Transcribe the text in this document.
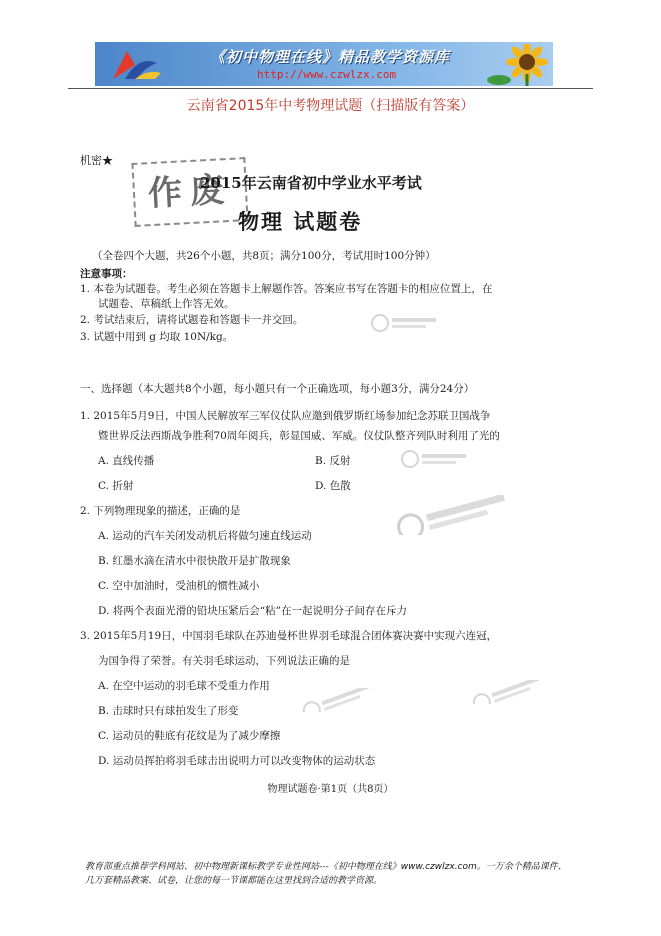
《初中物理在线》精品教学资源库
http://www.czwlzx.com
云南省2015年中考物理试题（扫描版有答案）
机密★
作废
2015年云南省初中学业水平考试
物理 试题卷
（全卷四个大题，共26个小题，共8页；满分100分，考试用时100分钟）
注意事项：
1. 本卷为试题卷。考生必须在答题卡上解题作答。答案应书写在答题卡的相应位置上，在
试题卷、草稿纸上作答无效。
2. 考试结束后，请将试题卷和答题卡一并交回。
3. 试题中用到 g 均取 10N/kg。
一、选择题（本大题共8个小题，每小题只有一个正确选项，每小题3分，满分24分）
1. 2015年5月9日，中国人民解放军三军仪仗队应邀到俄罗斯红场参加纪念苏联卫国战争
暨世界反法西斯战争胜利70周年阅兵，彰显国威、军威。仪仗队整齐列队时利用了光的
A. 直线传播	B. 反射
C. 折射	D. 色散
2. 下列物理现象的描述，正确的是
A. 运动的汽车关闭发动机后将做匀速直线运动
B. 红墨水滴在清水中很快散开是扩散现象
C. 空中加油时，受油机的惯性减小
D. 将两个表面光滑的铅块压紧后会“粘”在一起说明分子间存在斥力
3. 2015年5月19日，中国羽毛球队在苏迪曼杯世界羽毛球混合团体赛决赛中实现六连冠，
为国争得了荣誉。有关羽毛球运动，下列说法正确的是
A. 在空中运动的羽毛球不受重力作用
B. 击球时只有球拍发生了形变
C. 运动员的鞋底有花纹是为了减少摩擦
D. 运动员挥拍将羽毛球击出说明力可以改变物体的运动状态
物理试题卷·第1页（共8页）
教育部重点推荐学科网站、初中物理新课标教学专业性网站---《初中物理在线》www.czwlzx.com。一万余个精品课件、
几万套精品教案、试卷，让您的每一节课都能在这里找到合适的教学资源。
